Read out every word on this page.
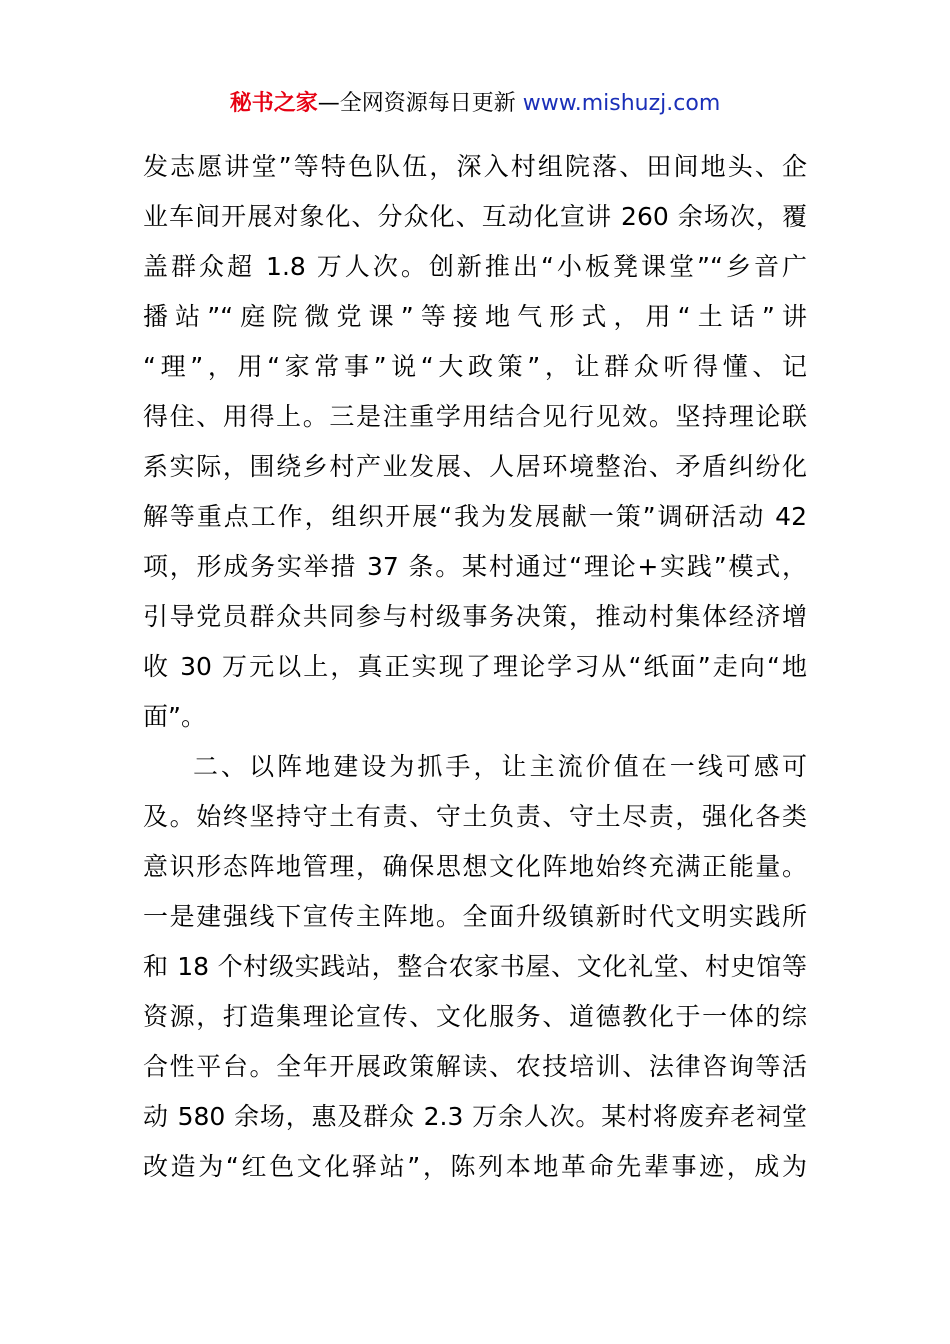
秘书之家—全网资源每日更新 www.mishuzj.com
发志愿讲堂”等特色队伍，深入村组院落、田间地头、企
业车间开展对象化、分众化、互动化宣讲 260 余场次，覆
盖群众超 1.8 万人次。创新推出“小板凳课堂”“乡音广
播站”“庭院微党课”等接地气形式，用“土话”讲
“理”，用“家常事”说“大政策”，让群众听得懂、记
得住、用得上。三是注重学用结合见行见效。坚持理论联
系实际，围绕乡村产业发展、人居环境整治、矛盾纠纷化
解等重点工作，组织开展“我为发展献一策”调研活动 42
项，形成务实举措 37 条。某村通过“理论+实践”模式，
引导党员群众共同参与村级事务决策，推动村集体经济增
收 30 万元以上，真正实现了理论学习从“纸面”走向“地
面”。
二、以阵地建设为抓手，让主流价值在一线可感可
及。始终坚持守土有责、守土负责、守土尽责，强化各类
意识形态阵地管理，确保思想文化阵地始终充满正能量。
一是建强线下宣传主阵地。全面升级镇新时代文明实践所
和 18 个村级实践站，整合农家书屋、文化礼堂、村史馆等
资源，打造集理论宣传、文化服务、道德教化于一体的综
合性平台。全年开展政策解读、农技培训、法律咨询等活
动 580 余场，惠及群众 2.3 万余人次。某村将废弃老祠堂
改造为“红色文化驿站”，陈列本地革命先辈事迹，成为
